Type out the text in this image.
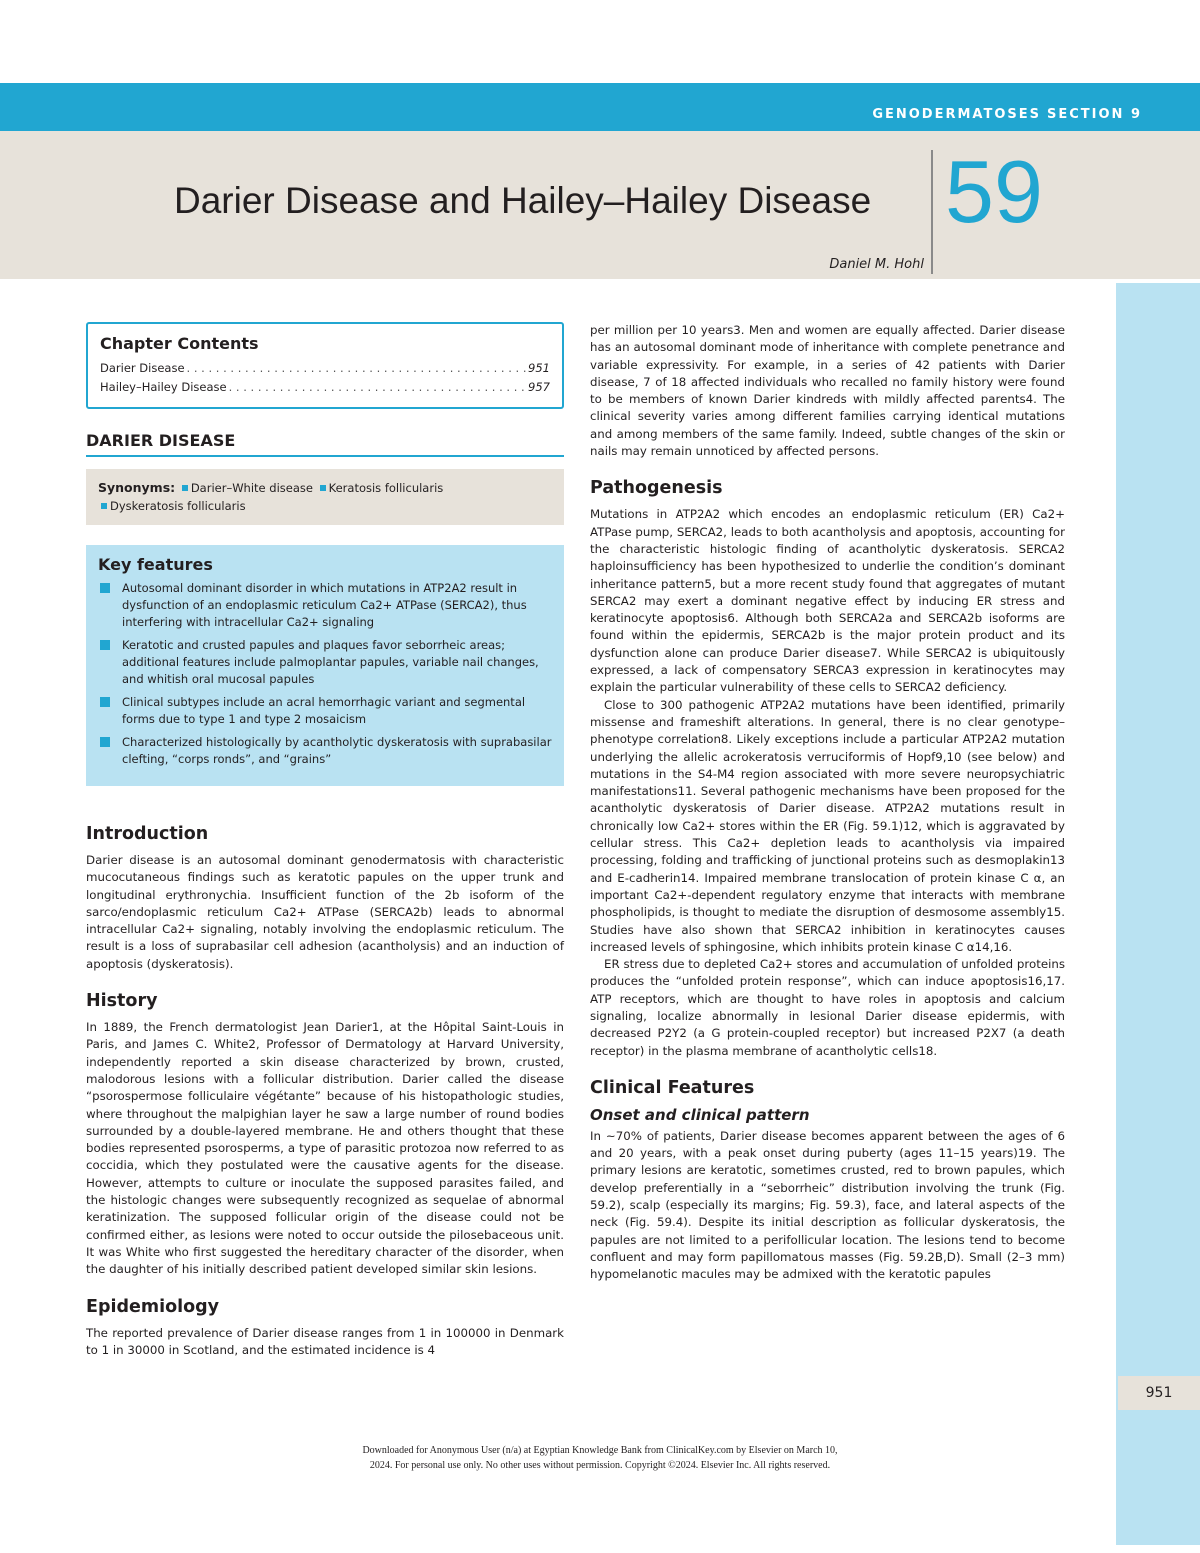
GENODERMATOSES SECTION 9
Darier Disease and Hailey–Hailey Disease 59
Daniel M. Hohl
951
Chapter Contents
Darier Disease . . .	951
Hailey–Hailey Disease . . .	957
DARIER DISEASE
Synonyms: Darier–White disease Keratosis follicularis
Dyskeratosis follicularis
Key features
Autosomal dominant disorder in which mutations in ATP2A2 result in dysfunction of an endoplasmic reticulum Ca2+ ATPase (SERCA2), thus interfering with intracellular Ca2+ signaling
Keratotic and crusted papules and plaques favor seborrheic areas; additional features include palmoplantar papules, variable nail changes, and whitish oral mucosal papules
Clinical subtypes include an acral hemorrhagic variant and segmental forms due to type 1 and type 2 mosaicism
Characterized histologically by acantholytic dyskeratosis with suprabasilar clefting, “corps ronds”, and “grains”
Introduction

Darier disease is an autosomal dominant genodermatosis with characteristic mucocutaneous findings such as keratotic papules on the upper trunk and longitudinal erythronychia. Insufficient function of the 2b isoform of the sarco/endoplasmic reticulum Ca2+ ATPase (SERCA2b) leads to abnormal intracellular Ca2+ signaling, notably involving the endoplasmic reticulum. The result is a loss of suprabasilar cell adhesion (acantholysis) and an induction of apoptosis (dyskeratosis).

History

In 1889, the French dermatologist Jean Darier1, at the Hôpital Saint-Louis in Paris, and James C. White2, Professor of Dermatology at Harvard University, independently reported a skin disease characterized by brown, crusted, malodorous lesions with a follicular distribution. Darier called the disease “psorospermose folliculaire végétante” because of his histopathologic studies, where throughout the malpighian layer he saw a large number of round bodies surrounded by a double-layered membrane. He and others thought that these bodies represented psorosperms, a type of parasitic protozoa now referred to as coccidia, which they postulated were the causative agents for the disease. However, attempts to culture or inoculate the supposed parasites failed, and the histologic changes were subsequently recognized as sequelae of abnormal keratinization. The supposed follicular origin of the disease could not be confirmed either, as lesions were noted to occur outside the pilosebaceous unit. It was White who first suggested the hereditary character of the disorder, when the daughter of his initially described patient developed similar skin lesions.

Epidemiology

The reported prevalence of Darier disease ranges from 1 in 100000 in Denmark to 1 in 30000 in Scotland, and the estimated incidence is 4

per million per 10 years3. Men and women are equally affected. Darier disease has an autosomal dominant mode of inheritance with complete penetrance and variable expressivity. For example, in a series of 42 patients with Darier disease, 7 of 18 affected individuals who recalled no family history were found to be members of known Darier kindreds with mildly affected parents4. The clinical severity varies among different families carrying identical mutations and among members of the same family. Indeed, subtle changes of the skin or nails may remain unnoticed by affected persons.

Pathogenesis

Mutations in ATP2A2 which encodes an endoplasmic reticulum (ER) Ca2+ ATPase pump, SERCA2, leads to both acantholysis and apoptosis, accounting for the characteristic histologic finding of acantholytic dyskeratosis. SERCA2 haploinsufficiency has been hypothesized to underlie the condition’s dominant inheritance pattern5, but a more recent study found that aggregates of mutant SERCA2 may exert a dominant negative effect by inducing ER stress and keratinocyte apoptosis6. Although both SERCA2a and SERCA2b isoforms are found within the epidermis, SERCA2b is the major protein product and its dysfunction alone can produce Darier disease7. While SERCA2 is ubiquitously expressed, a lack of compensatory SERCA3 expression in keratinocytes may explain the particular vulnerability of these cells to SERCA2 deficiency.

Close to 300 pathogenic ATP2A2 mutations have been identified, primarily missense and frameshift alterations. In general, there is no clear genotype–phenotype correlation8. Likely exceptions include a particular ATP2A2 mutation underlying the allelic acrokeratosis verruciformis of Hopf9,10 (see below) and mutations in the S4-M4 region associated with more severe neuropsychiatric manifestations11. Several pathogenic mechanisms have been proposed for the acantholytic dyskeratosis of Darier disease. ATP2A2 mutations result in chronically low Ca2+ stores within the ER (Fig. 59.1)12, which is aggravated by cellular stress. This Ca2+ depletion leads to acantholysis via impaired processing, folding and trafficking of junctional proteins such as desmoplakin13 and E-cadherin14. Impaired membrane translocation of protein kinase C α, an important Ca2+-dependent regulatory enzyme that interacts with membrane phospholipids, is thought to mediate the disruption of desmosome assembly15. Studies have also shown that SERCA2 inhibition in keratinocytes causes increased levels of sphingosine, which inhibits protein kinase C α14,16.

ER stress due to depleted Ca2+ stores and accumulation of unfolded proteins produces the “unfolded protein response”, which can induce apoptosis16,17. ATP receptors, which are thought to have roles in apoptosis and calcium signaling, localize abnormally in lesional Darier disease epidermis, with decreased P2Y2 (a G protein-coupled receptor) but increased P2X7 (a death receptor) in the plasma membrane of acantholytic cells18.

Clinical Features
Onset and clinical pattern

In ~70% of patients, Darier disease becomes apparent between the ages of 6 and 20 years, with a peak onset during puberty (ages 11–15 years)19. The primary lesions are keratotic, sometimes crusted, red to brown papules, which develop preferentially in a “seborrheic” distribution involving the trunk (Fig. 59.2), scalp (especially its margins; Fig. 59.3), face, and lateral aspects of the neck (Fig. 59.4). Despite its initial description as follicular dyskeratosis, the papules are not limited to a perifollicular location. The lesions tend to become confluent and may form papillomatous masses (Fig. 59.2B,D). Small (2–3 mm) hypomelanotic macules may be admixed with the keratotic papules

Downloaded for Anonymous User (n/a) at Egyptian Knowledge Bank from ClinicalKey.com by Elsevier on March 10,
2024. For personal use only. No other uses without permission. Copyright ©2024. Elsevier Inc. All rights reserved.
